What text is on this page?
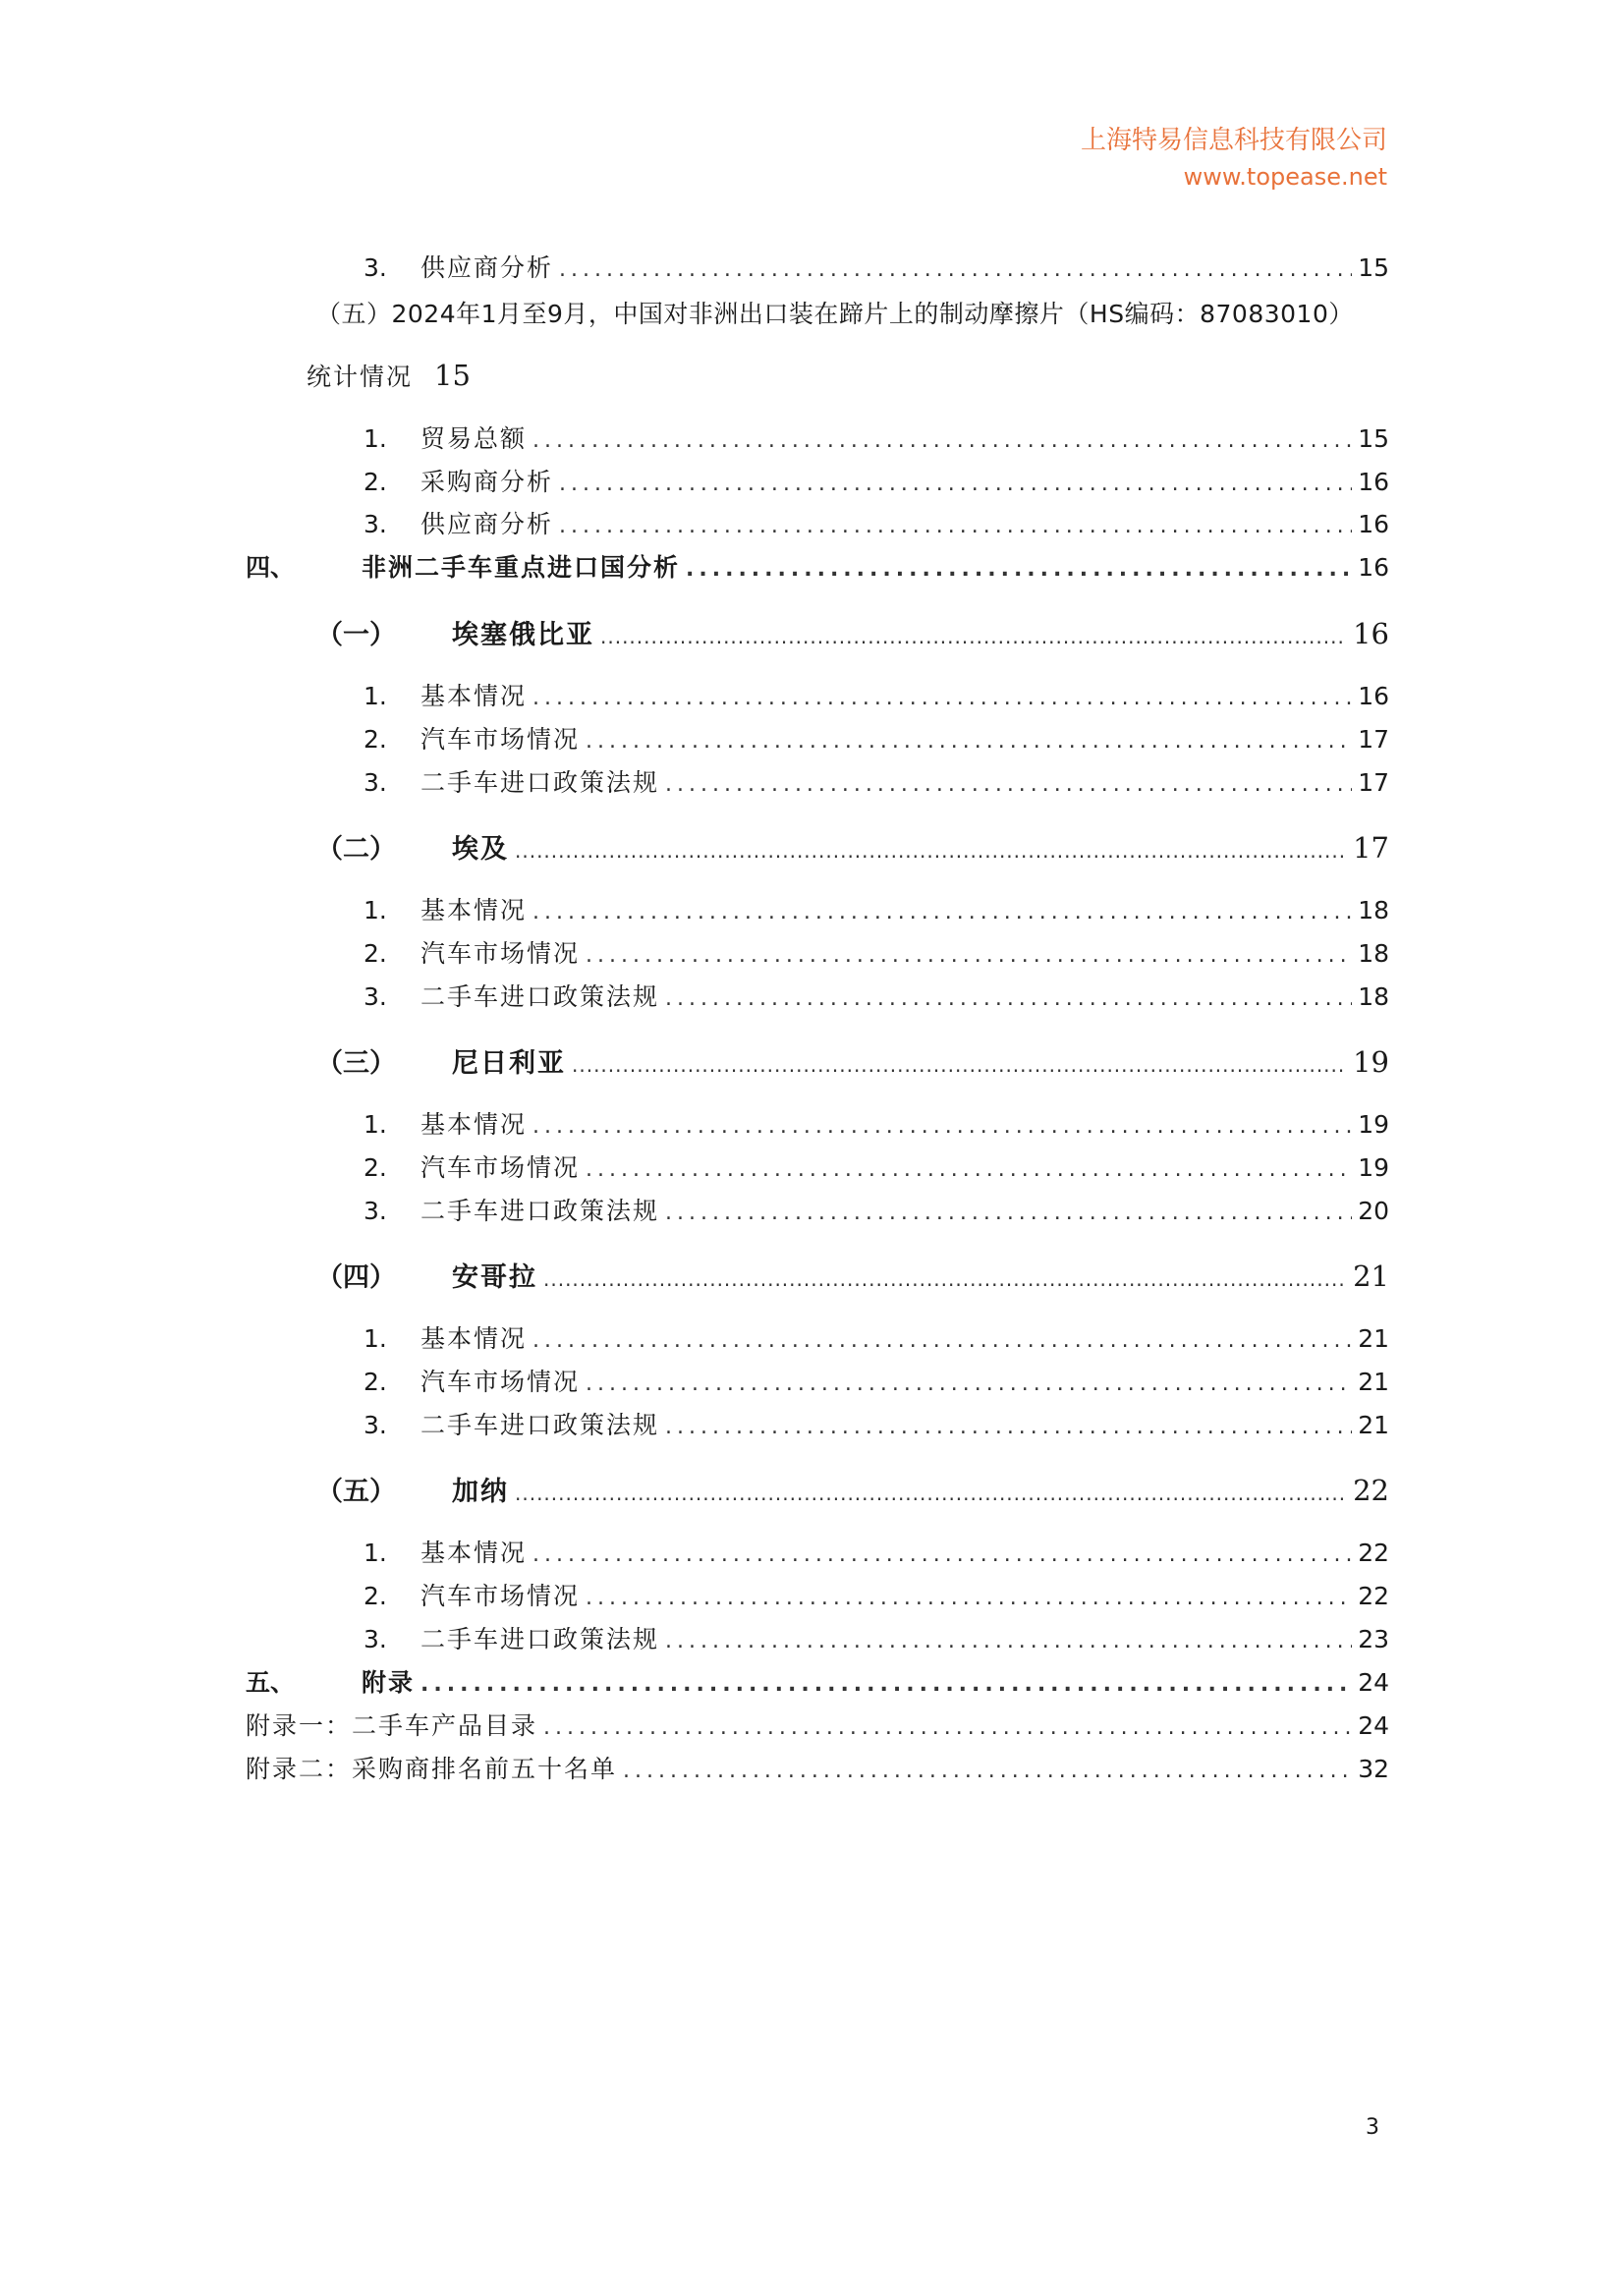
上海特易信息科技有限公司
www.topease.net
3.	供应商分析 .....	15
（五）2024年1月至9月，中国对非洲出口装在蹄片上的制动摩擦片（HS编码：87083010）
统计情况 15
1.	贸易总额 .....	15
2.	采购商分析 .....	16
3.	供应商分析 .....	16
四、	非洲二手车重点进口国分析 .....	16
（一）	埃塞俄比亚 .....	16
1.	基本情况 .....	16
2.	汽车市场情况 .....	17
3.	二手车进口政策法规 .....	17
（二）	埃及 .....	17
1.	基本情况 .....	18
2.	汽车市场情况 .....	18
3.	二手车进口政策法规 .....	18
（三）	尼日利亚 .....	19
1.	基本情况 .....	19
2.	汽车市场情况 .....	19
3.	二手车进口政策法规 .....	20
（四）	安哥拉 .....	21
1.	基本情况 .....	21
2.	汽车市场情况 .....	21
3.	二手车进口政策法规 .....	21
（五）	加纳 .....	22
1.	基本情况 .....	22
2.	汽车市场情况 .....	22
3.	二手车进口政策法规 .....	23
五、	附录 .....	24
附录一：二手车产品目录 .....	24
附录二：采购商排名前五十名单 .....	32
3
